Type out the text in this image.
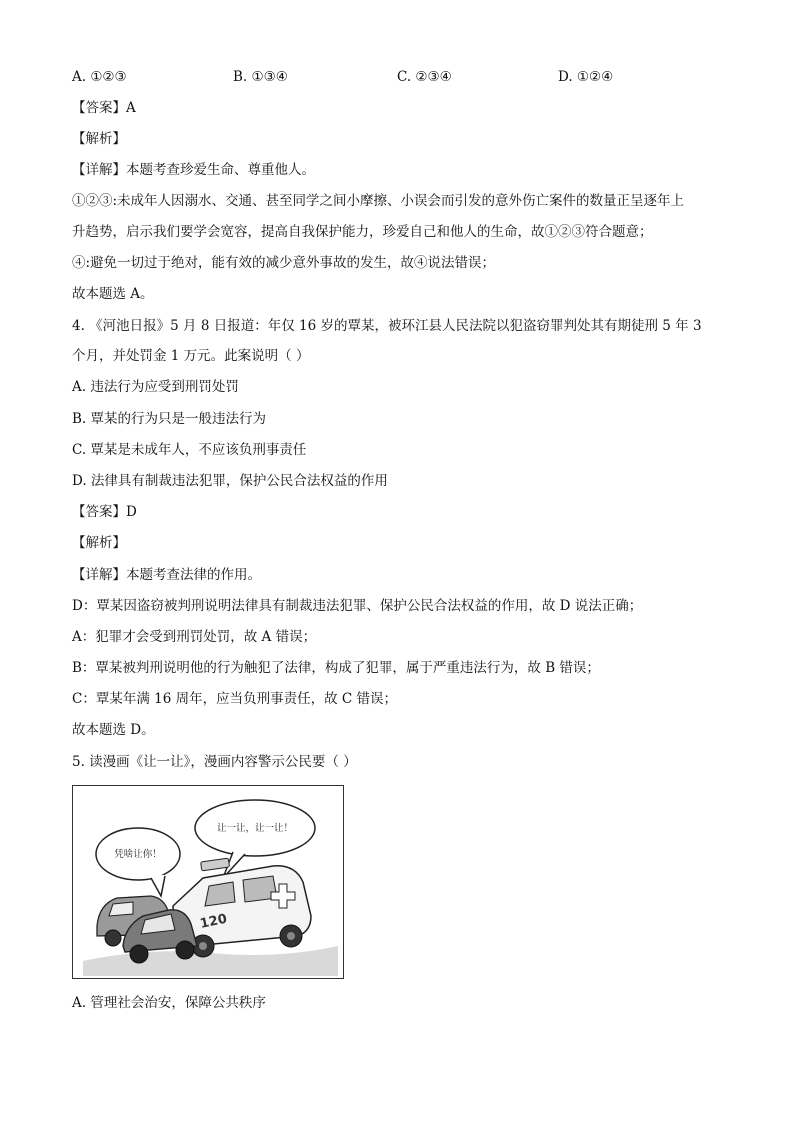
A. ①②③	B. ①③④	C. ②③④	D. ①②④
【答案】A
【解析】
【详解】本题考查珍爱生命、尊重他人。
①②③:未成年人因溺水、交通、甚至同学之间小摩擦、小误会而引发的意外伤亡案件的数量正呈逐年上
升趋势，启示我们要学会宽容，提高自我保护能力，珍爱自己和他人的生命，故①②③符合题意；
④:避免一切过于绝对，能有效的减少意外事故的发生，故④说法错误；
故本题选 A。
4. 《河池日报》5 月 8 日报道：年仅 16 岁的覃某，被环江县人民法院以犯盗窃罪判处其有期徒刑 5 年 3
个月，并处罚金 1 万元。此案说明（ ）
A. 违法行为应受到刑罚处罚
B. 覃某的行为只是一般违法行为
C. 覃某是未成年人，不应该负刑事责任
D. 法律具有制裁违法犯罪，保护公民合法权益的作用
【答案】D
【解析】
【详解】本题考查法律的作用。
D：覃某因盗窃被判刑说明法律具有制裁违法犯罪、保护公民合法权益的作用，故 D 说法正确；
A：犯罪才会受到刑罚处罚，故 A 错误；
B：覃某被判刑说明他的行为触犯了法律，构成了犯罪，属于严重违法行为，故 B 错误；
C：覃某年满 16 周年，应当负刑事责任，故 C 错误；
故本题选 D。
5. 读漫画《让一让》，漫画内容警示公民要（ ）
让一让，让一让！
凭啥让你！
120
A. 管理社会治安，保障公共秩序
